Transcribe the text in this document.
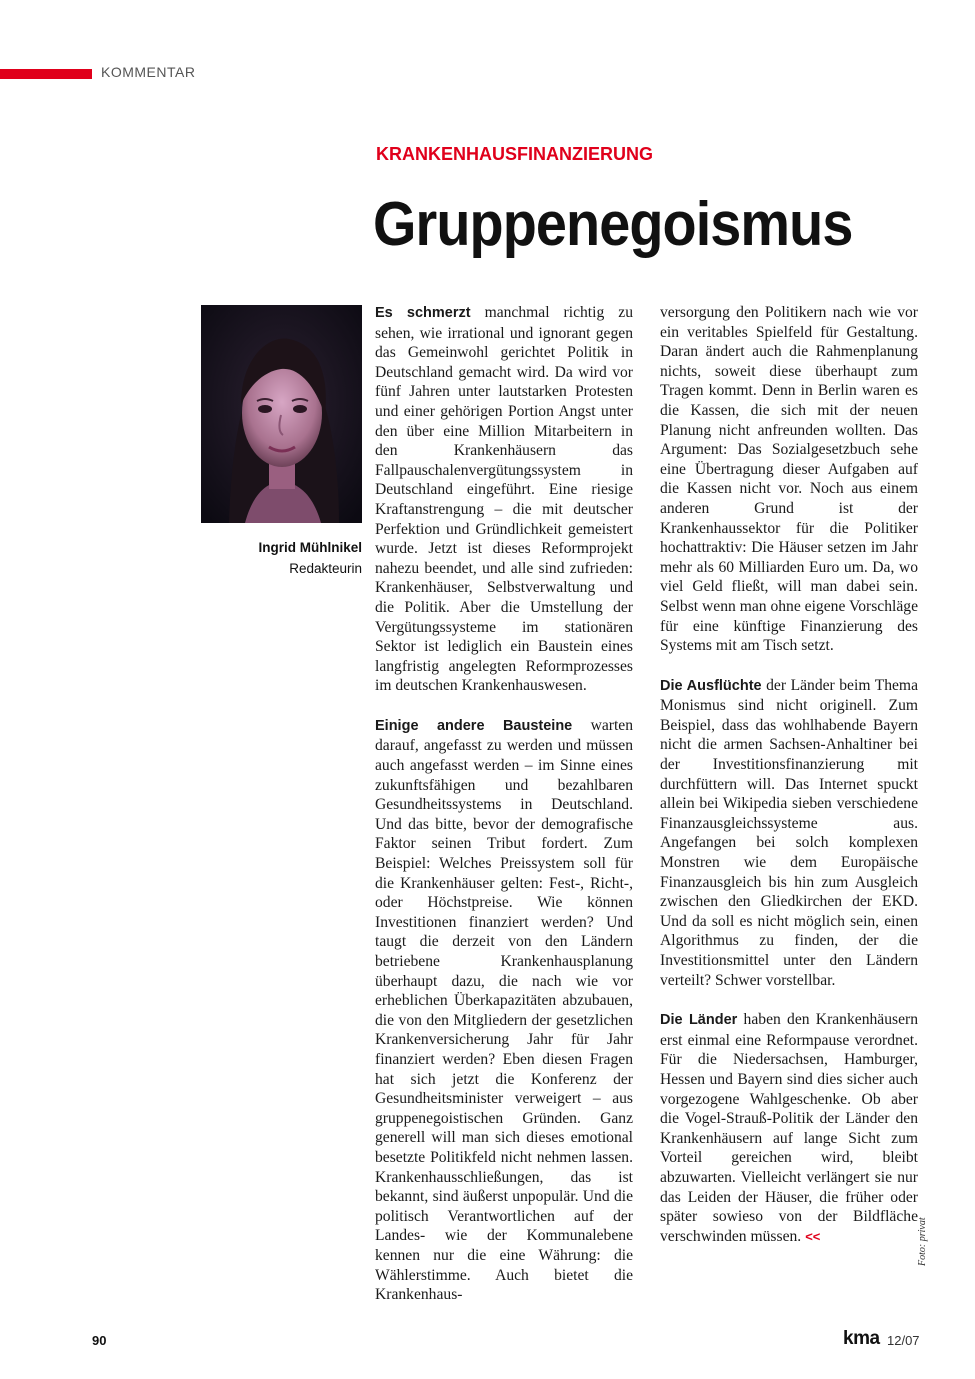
KOMMENTAR
KRANKENHAUSFINANZIERUNG
Gruppenegoismus
Ingrid Mühlnikel
Redakteurin

Es schmerzt manchmal richtig zu sehen, wie irrational und ignorant gegen das Gemeinwohl gerichtet Politik in Deutschland gemacht wird. Da wird vor fünf Jahren unter lautstarken Protesten und einer gehörigen Portion Angst unter den über eine Million Mitarbeitern in den Krankenhäusern das Fallpauschalenvergütungssystem in Deutschland eingeführt. Eine riesige Kraftanstrengung – die mit deutscher Perfektion und Gründlichkeit gemeistert wurde. Jetzt ist dieses Reformprojekt nahezu beendet, und alle sind zufrieden: Krankenhäuser, Selbstverwaltung und die Politik. Aber die Umstellung der Vergütungssysteme im stationären Sektor ist lediglich ein Baustein eines langfristig angelegten Reformprozesses im deutschen Krankenhauswesen.

Einige andere Bausteine warten darauf, angefasst zu werden und müssen auch angefasst werden – im Sinne eines zukunftsfähigen und bezahlbaren Gesundheitssystems in Deutschland. Und das bitte, bevor der demografische Faktor seinen Tribut fordert. Zum Beispiel: Welches Preissystem soll für die Krankenhäuser gelten: Fest-, Richt-, oder Höchstpreise. Wie können Investitionen finanziert werden? Und taugt die derzeit von den Ländern betriebene Krankenhausplanung überhaupt dazu, die nach wie vor erheblichen Überkapazitäten abzubauen, die von den Mitgliedern der gesetzlichen Krankenversicherung Jahr für Jahr finanziert werden? Eben diesen Fragen hat sich jetzt die Konferenz der Gesundheitsminister verweigert – aus gruppenegoistischen Gründen. Ganz generell will man sich dieses emotional besetzte Politikfeld nicht nehmen lassen. Krankenhausschließungen, das ist bekannt, sind äußerst unpopulär. Und die politisch Verantwortlichen auf der Landes- wie der Kommunalebene kennen nur die eine Währung: die Wählerstimme. Auch bietet die Krankenhaus-

versorgung den Politikern nach wie vor ein veritables Spielfeld für Gestaltung. Daran ändert auch die Rahmenplanung nichts, soweit diese überhaupt zum Tragen kommt. Denn in Berlin waren es die Kassen, die sich mit der neuen Planung nicht anfreunden wollten. Das Argument: Das Sozialgesetzbuch sehe eine Übertragung dieser Aufgaben auf die Kassen nicht vor. Noch aus einem anderen Grund ist der Krankenhaussektor für die Politiker hochattraktiv: Die Häuser setzen im Jahr mehr als 60 Milliarden Euro um. Da, wo viel Geld fließt, will man dabei sein. Selbst wenn man ohne eigene Vorschläge für eine künftige Finanzierung des Systems mit am Tisch setzt.

Die Ausflüchte der Länder beim Thema Monismus sind nicht originell. Zum Beispiel, dass das wohlhabende Bayern nicht die armen Sachsen-Anhaltiner bei der Investitionsfinanzierung mit durchfüttern will. Das Internet spuckt allein bei Wikipedia sieben verschiedene Finanzausgleichssysteme aus. Angefangen bei solch komplexen Monstren wie dem Europäische Finanzausgleich bis hin zum Ausgleich zwischen den Gliedkirchen der EKD. Und da soll es nicht möglich sein, einen Algorithmus zu finden, der die Investitionsmittel unter den Ländern verteilt? Schwer vorstellbar.

Die Länder haben den Krankenhäusern erst einmal eine Reformpause verordnet. Für die Niedersachsen, Hamburger, Hessen und Bayern sind dies sicher auch vorgezogene Wahlgeschenke. Ob aber die Vogel-Strauß-Politik der Länder den Krankenhäusern auf lange Sicht zum Vorteil gereichen wird, bleibt abzuwarten. Vielleicht verlängert sie nur das Leiden der Häuser, die früher oder später sowieso von der Bildfläche verschwinden müssen. <<	Foto: privat
90	kma 12/07
